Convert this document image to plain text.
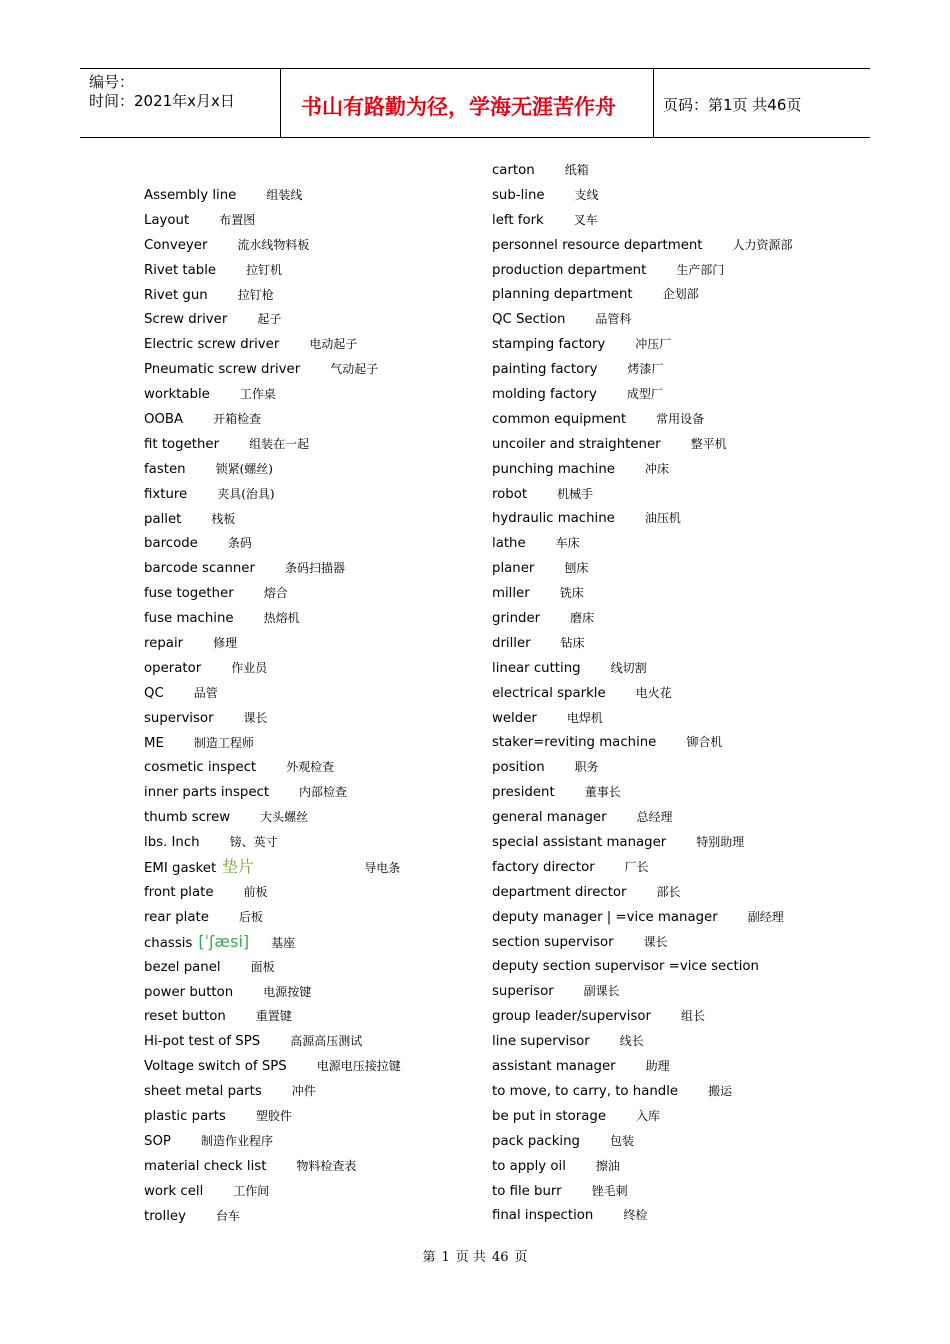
编号：
时间：2021年x月x日	书山有路勤为径，学海无涯苦作舟	页码：第1页 共46页
Assembly line	组装线
Layout	布置图
Conveyer	流水线物料板
Rivet table	拉钉机
Rivet gun	拉钉枪
Screw driver	起子
Electric screw driver	电动起子
Pneumatic screw driver	气动起子
worktable	工作桌
OOBA	开箱检查
fit together	组装在一起
fasten	锁紧(螺丝)
fixture	夹具(治具)
pallet	栈板
barcode	条码
barcode scanner	条码扫描器
fuse together	熔合
fuse machine	热熔机
repair	修理
operator	作业员
QC	品管
supervisor	课长
ME	制造工程师
cosmetic inspect	外观检查
inner parts inspect	内部检查
thumb screw	大头螺丝
lbs. Inch	镑、英寸
EMI gasket 垫片	导电条
front plate	前板
rear plate	后板
chassis [ˈʃæsi] 基座
bezel panel	面板
power button	电源按键
reset button	重置键
Hi-pot test of SPS	高源高压测试
Voltage switch of SPS	电源电压接拉键
sheet metal parts	冲件
plastic parts	塑胶件
SOP	制造作业程序
material check list	物料检查表
work cell	工作间
trolley	台车
carton	纸箱
sub-line	支线
left fork	叉车
personnel resource department	人力资源部
production department	生产部门
planning department	企划部
QC Section	品管科
stamping factory	冲压厂
painting factory	烤漆厂
molding factory	成型厂
common equipment	常用设备
uncoiler and straightener	整平机
punching machine	冲床
robot	机械手
hydraulic machine	油压机
lathe	车床
planer	刨床
miller	铣床
grinder	磨床
driller	钻床
linear cutting	线切割
electrical sparkle	电火花
welder	电焊机
staker=reviting machine	铆合机
position	职务
president	董事长
general manager	总经理
special assistant manager	特别助理
factory director	厂长
department director	部长
deputy manager | =vice manager	副经理
section supervisor	课长
deputy section supervisor =vice section
superisor	副课长
group leader/supervisor	组长
line supervisor	线长
assistant manager	助理
to move, to carry, to handle	搬运
be put in storage	入库
pack packing	包装
to apply oil	擦油
to file burr	锉毛刺
final inspection	终检
第 1 页 共 46 页
